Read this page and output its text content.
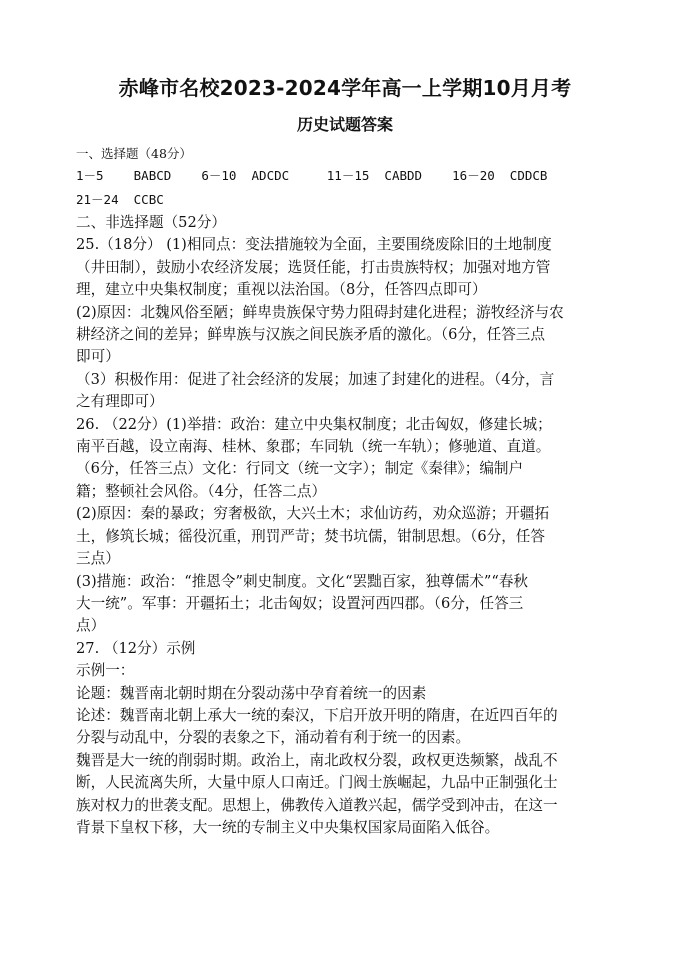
赤峰市名校2023-2024学年高一上学期10月月考
历史试题答案

一、选择题（48分）

1－5    BABCD    6－10  ADCDC     11－15  CABDD    16－20  CDDCB

21－24  CCBC

二、非选择题（52分）

25.（18分） (1)相同点：变法措施较为全面，主要围绕废除旧的土地制度

（井田制），鼓励小农经济发展；选贤任能，打击贵族特权；加强对地方管

理，建立中央集权制度；重视以法治国。（8分，任答四点即可）

(2)原因：北魏风俗至陋；鲜卑贵族保守势力阻碍封建化进程；游牧经济与农

耕经济之间的差异；鲜卑族与汉族之间民族矛盾的激化。（6分，任答三点

即可）

（3）积极作用：促进了社会经济的发展；加速了封建化的进程。（4分，言

之有理即可）

26. （22分）(1)举措：政治：建立中央集权制度；北击匈奴，修建长城；

南平百越，设立南海、桂林、象郡；车同轨（统一车轨）；修驰道、直道。

（6分，任答三点）文化：行同文（统一文字）；制定《秦律》；编制户

籍；整顿社会风俗。（4分，任答二点）

(2)原因：秦的暴政；穷奢极欲，大兴土木；求仙访药，劝众巡游；开疆拓

土，修筑长城；徭役沉重，刑罚严苛；焚书坑儒，钳制思想。（6分，任答

三点）

(3)措施：政治：“推恩令”刺史制度。文化“罢黜百家，独尊儒术”“春秋

大一统”。军事：开疆拓土；北击匈奴；设置河西四郡。（6分，任答三

点）

27. （12分）示例

示例一：

论题：魏晋南北朝时期在分裂动荡中孕育着统一的因素

论述：魏晋南北朝上承大一统的秦汉，下启开放开明的隋唐，在近四百年的

分裂与动乱中，分裂的表象之下，涌动着有利于统一的因素。

魏晋是大一统的削弱时期。政治上，南北政权分裂，政权更迭频繁，战乱不

断，人民流离失所，大量中原人口南迁。门阀士族崛起，九品中正制强化士

族对权力的世袭支配。思想上，佛教传入道教兴起，儒学受到冲击，在这一

背景下皇权下移，大一统的专制主义中央集权国家局面陷入低谷。
